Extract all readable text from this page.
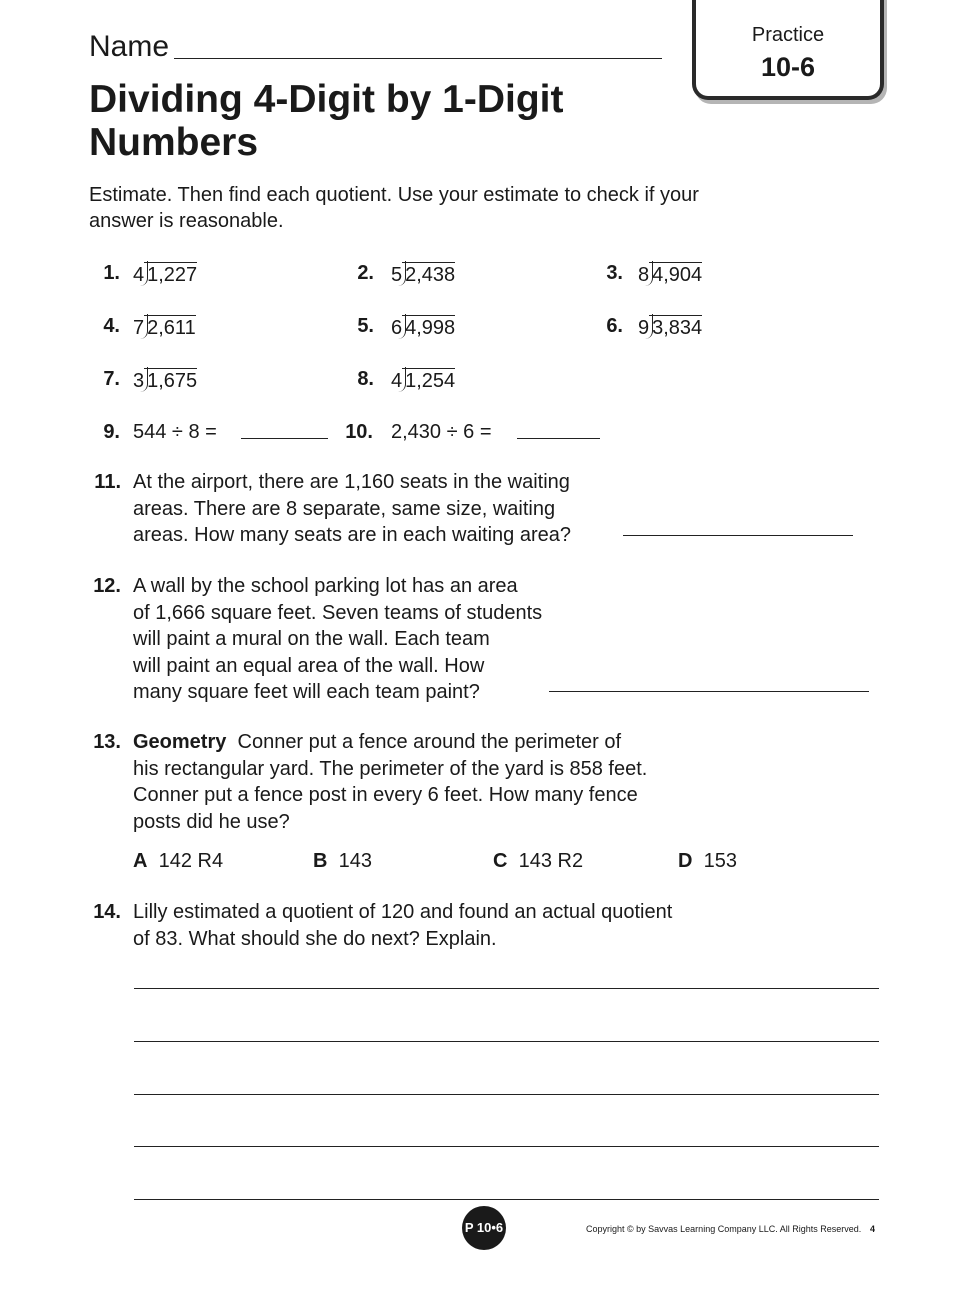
Practice
10-6
Name
Dividing 4-Digit by 1-Digit
Numbers
Estimate. Then find each quotient. Use your estimate to check if your answer is reasonable.
1. 4 1,227	2. 5 2,438	3. 8 4,904
4. 7 2,611	5. 6 4,998	6. 9 3,834
7. 3 1,675	8. 4 1,254
9. 544 ÷ 8 =	10. 2,430 ÷ 6 =
11. At the airport, there are 1,160 seats in the waiting
areas. There are 8 separate, same size, waiting
areas. How many seats are in each waiting area?
12. A wall by the school parking lot has an area
of 1,666 square feet. Seven teams of students
will paint a mural on the wall. Each team
will paint an equal area of the wall. How
many square feet will each team paint?
13. Geometry Conner put a fence around the perimeter of
his rectangular yard. The perimeter of the yard is 858 feet.
Conner put a fence post in every 6 feet. How many fence
posts did he use?
A 142 R4	B 143	C 143 R2	D 153
14. Lilly estimated a quotient of 120 and found an actual quotient
of 83. What should she do next? Explain.
P 10•6	Copyright © by Savvas Learning Company LLC. All Rights Reserved. 4
